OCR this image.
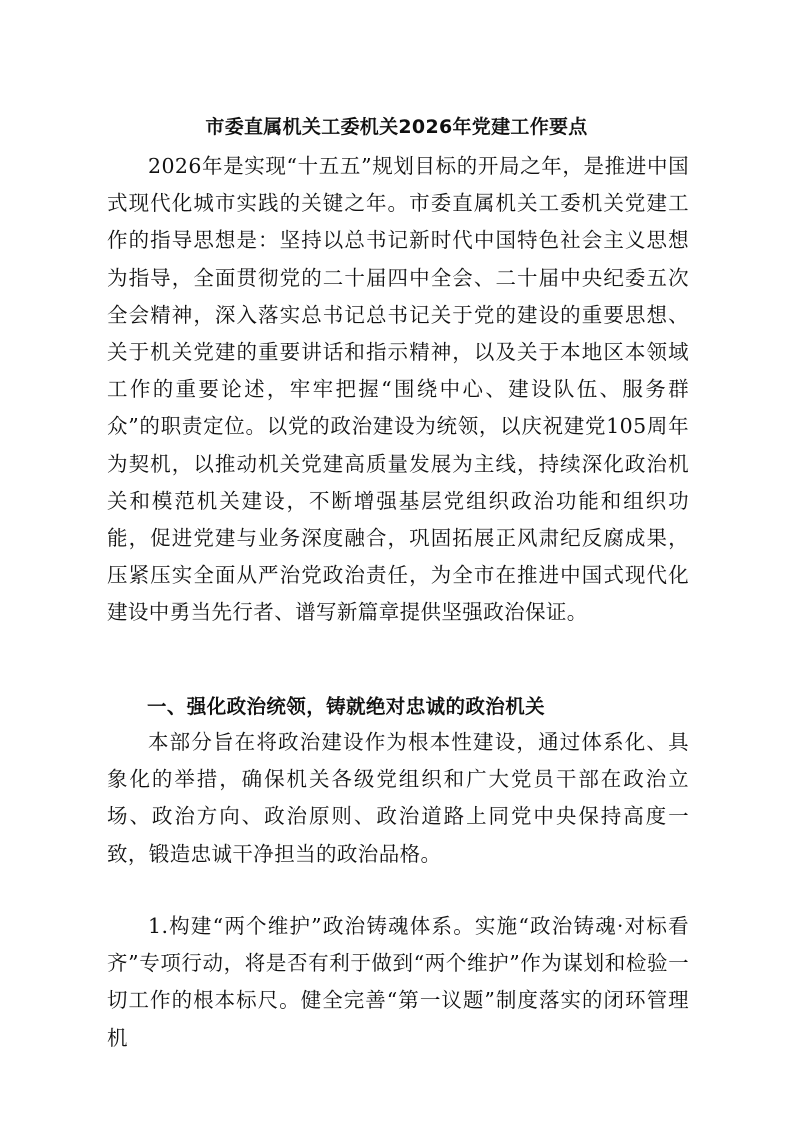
市委直属机关工委机关2026年党建工作要点

2026年是实现“十五五”规划目标的开局之年，是推进中国式现代化城市实践的关键之年。市委直属机关工委机关党建工作的指导思想是：坚持以总书记新时代中国特色社会主义思想为指导，全面贯彻党的二十届四中全会、二十届中央纪委五次全会精神，深入落实总书记总书记关于党的建设的重要思想、关于机关党建的重要讲话和指示精神，以及关于本地区本领域工作的重要论述，牢牢把握“围绕中心、建设队伍、服务群众”的职责定位。以党的政治建设为统领，以庆祝建党105周年为契机，以推动机关党建高质量发展为主线，持续深化政治机关和模范机关建设，不断增强基层党组织政治功能和组织功能，促进党建与业务深度融合，巩固拓展正风肃纪反腐成果，压紧压实全面从严治党政治责任，为全市在推进中国式现代化建设中勇当先行者、谱写新篇章提供坚强政治保证。

一、强化政治统领，铸就绝对忠诚的政治机关

本部分旨在将政治建设作为根本性建设，通过体系化、具象化的举措，确保机关各级党组织和广大党员干部在政治立场、政治方向、政治原则、政治道路上同党中央保持高度一致，锻造忠诚干净担当的政治品格。

1.构建“两个维护”政治铸魂体系。实施“政治铸魂·对标看齐”专项行动，将是否有利于做到“两个维护”作为谋划和检验一切工作的根本标尺。健全完善“第一议题”制度落实的闭环管理机
